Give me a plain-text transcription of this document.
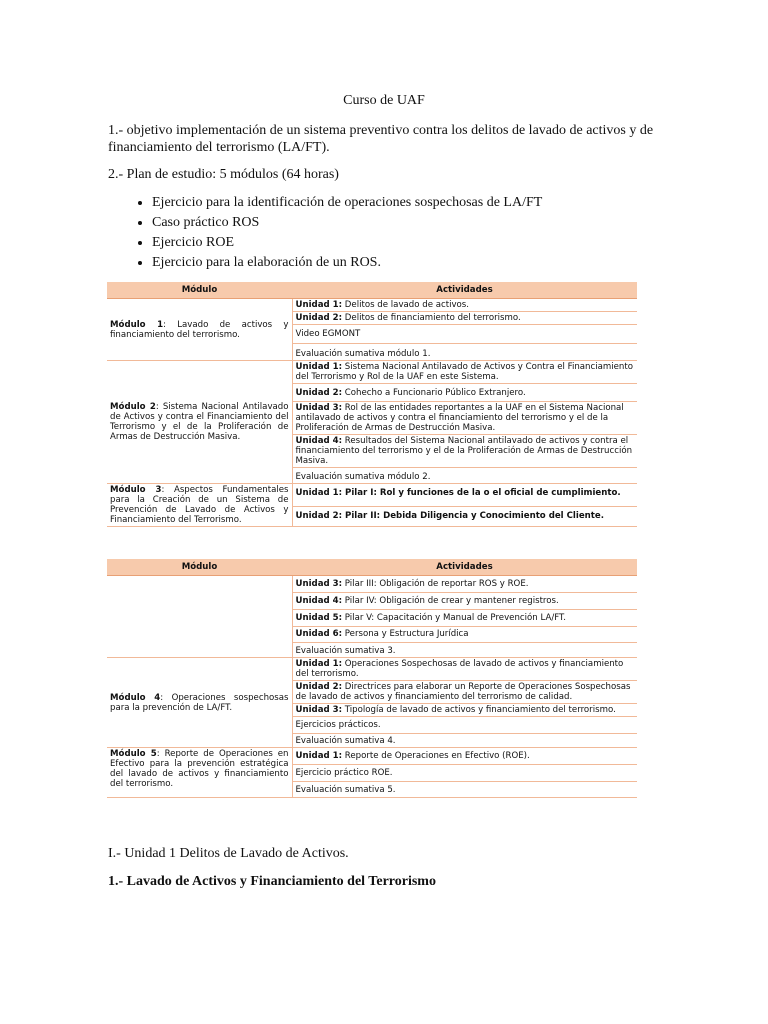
Curso de UAF
1.- objetivo implementación de un sistema preventivo contra los delitos de lavado de activos y de financiamiento del terrorismo (LA/FT).
2.- Plan de estudio: 5 módulos (64 horas)
• Ejercicio para la identificación de operaciones sospechosas de LA/FT
• Caso práctico ROS
• Ejercicio ROE
• Ejercicio para la elaboración de un ROS.
Módulo	Actividades
Módulo 1: Lavado de activos y financiamiento del terrorismo.	Unidad 1: Delitos de lavado de activos.
	Unidad 2: Delitos de financiamiento del terrorismo.
	Video EGMONT
	Evaluación sumativa módulo 1.
Módulo 2: Sistema Nacional Antilavado de Activos y contra el Financiamiento del Terrorismo y el de la Proliferación de Armas de Destrucción Masiva.	Unidad 1: Sistema Nacional Antilavado de Activos y Contra el Financiamiento del Terrorismo y Rol de la UAF en este Sistema.
	Unidad 2: Cohecho a Funcionario Público Extranjero.
	Unidad 3: Rol de las entidades reportantes a la UAF en el Sistema Nacional antilavado de activos y contra el financiamiento del terrorismo y el de la Proliferación de Armas de Destrucción Masiva.
	Unidad 4: Resultados del Sistema Nacional antilavado de activos y contra el financiamiento del terrorismo y el de la Proliferación de Armas de Destrucción Masiva.
	Evaluación sumativa módulo 2.
Módulo 3: Aspectos Fundamentales para la Creación de un Sistema de Prevención de Lavado de Activos y Financiamiento del Terrorismo.	Unidad 1: Pilar I: Rol y funciones de la o el oficial de cumplimiento.
	Unidad 2: Pilar II: Debida Diligencia y Conocimiento del Cliente.
Módulo	Actividades
	Unidad 3: Pilar III: Obligación de reportar ROS y ROE.
	Unidad 4: Pilar IV: Obligación de crear y mantener registros.
	Unidad 5: Pilar V: Capacitación y Manual de Prevención LA/FT.
	Unidad 6: Persona y Estructura Jurídica
	Evaluación sumativa 3.
Módulo 4: Operaciones sospechosas para la prevención de LA/FT.	Unidad 1: Operaciones Sospechosas de lavado de activos y financiamiento del terrorismo.
	Unidad 2: Directrices para elaborar un Reporte de Operaciones Sospechosas de lavado de activos y financiamiento del terrorismo de calidad.
	Unidad 3: Tipología de lavado de activos y financiamiento del terrorismo.
	Ejercicios prácticos.
	Evaluación sumativa 4.
Módulo 5: Reporte de Operaciones en Efectivo para la prevención estratégica del lavado de activos y financiamiento del terrorismo.	Unidad 1: Reporte de Operaciones en Efectivo (ROE).
	Ejercicio práctico ROE.
	Evaluación sumativa 5.
I.- Unidad 1 Delitos de Lavado de Activos.
1.- Lavado de Activos y Financiamiento del Terrorismo
